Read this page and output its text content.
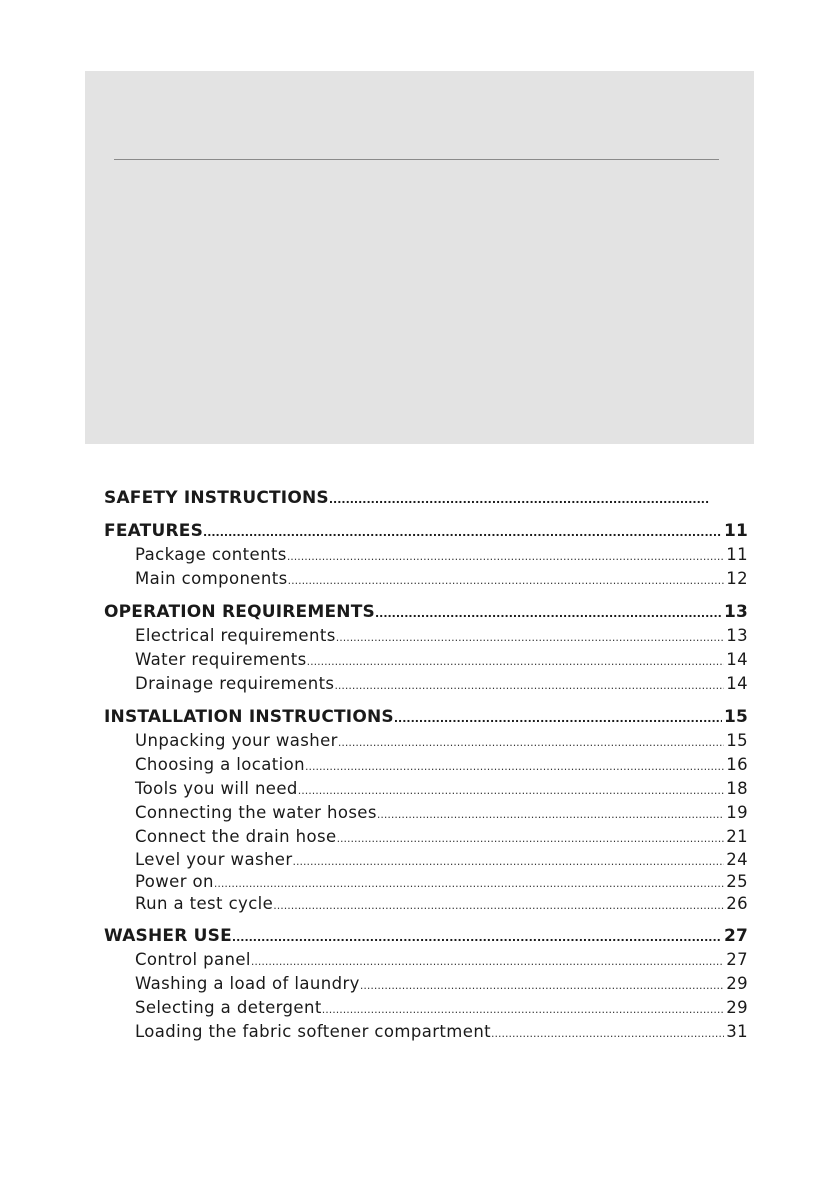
SAFETY INSTRUCTIONS
.....
FEATURES .....	11
Package contents .....	11
Main components .....	12
OPERATION REQUIREMENTS .....	13
Electrical requirements .....	13
Water requirements .....	14
Drainage requirements .....	14
INSTALLATION INSTRUCTIONS .....	15
Unpacking your washer .....	15
Choosing a location .....	16
Tools you will need .....	18
Connecting the water hoses .....	19
Connect the drain hose .....	21
Level your washer .....	24
Power on .....	25
Run a test cycle .....	26
WASHER USE .....	27
Control panel .....	27
Washing a load of laundry .....	29
Selecting a detergent .....	29
Loading the fabric softener compartment .....	31
